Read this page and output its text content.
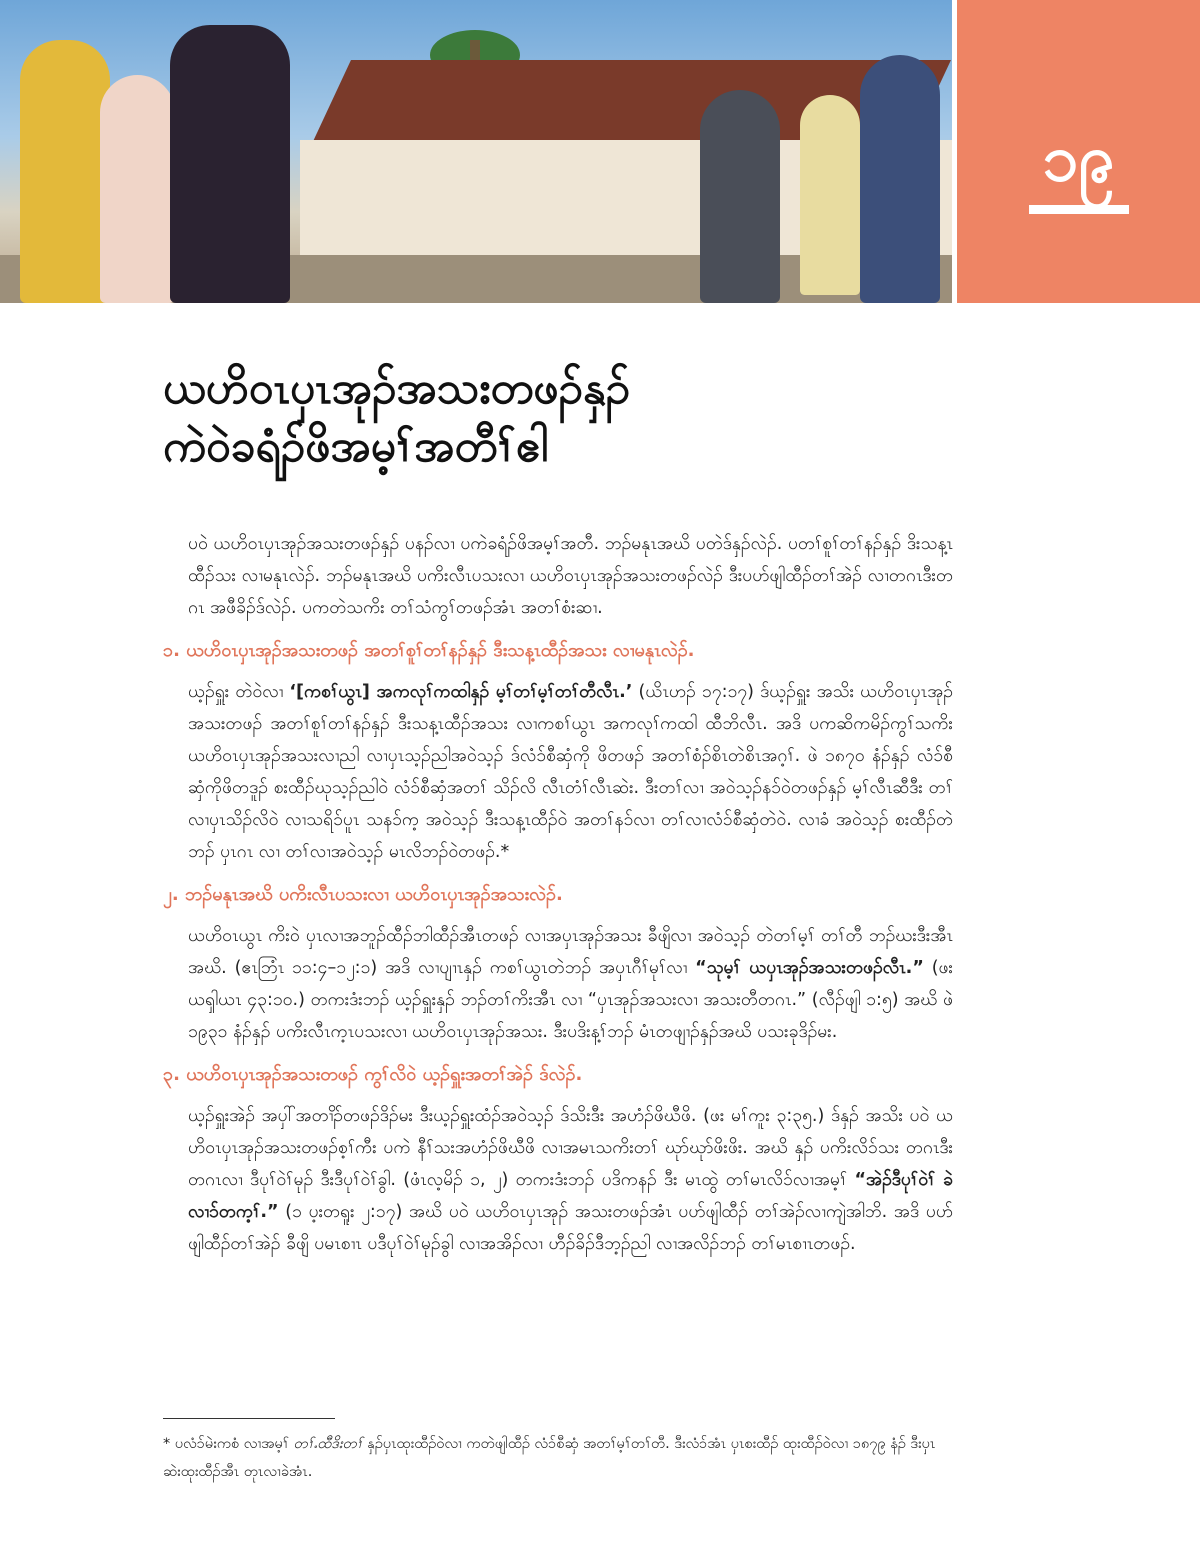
၁၉
ယဟိဝၤပှၤအုၣ်အသးတဖၣ်နှၣ်
ကဲဝဲခရံၣ်ဖိအမ့ၢ်အတီၢ်ဧါ

ပဝဲ ယဟိဝၤပှၤအုၣ်အသးတဖၣ်နှၣ် ပနၣ်လၢ ပကဲခရံၣ်ဖိအမ့ၢ်အတီ. ဘၣ်မနုၤအဃိ ပတဲဒ်နှၣ်လဲၣ်. ပတၢ်စူၢ်တၢ်နၣ်နှၣ် ဒိးသန့ၤထီၣ်သး လၢမနုၤလဲၣ်. ဘၣ်မနုၤအဃိ ပကိးလီၤပသးလၢ ယဟိဝၤပှၤအုၣ်အသးတဖၣ်လဲၣ် ဒီးပပာ်ဖျါထီၣ်တၢ်အဲၣ် လၢတဂၤဒီးတဂၤ အဖီခိၣ်ဒ်လဲၣ်. ပကတဲသကိး တၢ်သံကွၢ်တဖၣ်အံၤ အတၢ်စံးဆၢ.

၁. ယဟိဝၤပှၤအုၣ်အသးတဖၣ် အတၢ်စူၢ်တၢ်နၣ်နှၣ် ဒီးသန့ၤထီၣ်အသး လၢမနုၤလဲၣ်.

ယ့ၣ်ရှူး တဲဝဲလၢ ‘[ကစၢ်ယွၤ] အကလုၢ်ကထါနှၣ် မ့ၢ်တၢ်မ့ၢ်တၢ်တီလီၤ.’ (ယိၤဟၣ် ၁၇:၁၇) ဒ်ယ့ၣ်ရှူး အသိး ယဟိဝၤပှၤအုၣ်အသးတဖၣ် အတၢ်စူၢ်တၢ်နၣ်နှၣ် ဒီးသန့ၤထီၣ်အသး လၢကစၢ်ယွၤ အကလုၢ်ကထါ ထီဘိလီၤ. အဒိ ပကဆိကမိၣ်ကွၢ်သကိး ယဟိဝၤပှၤအုၣ်အသးလၢညါ လၢပှၤသ့ၣ်ညါအဝဲသ့ၣ် ဒ်လံၥ်စီဆှံကို ဖိတဖၣ် အတၢ်စံၣ်စိၤတဲစိၤအဂ့ၢ်. ဖဲ ၁၈၇၀ နံၣ်နှၣ် လံၥ်စီဆှံကိုဖိတဒူၣ် စးထီၣ်ဃုသ့ၣ်ညါဝဲ လံၥ်စီဆှံအတၢ် သိၣ်လိ လီၤတံၢ်လီၤဆဲး. ဒီးတၢ်လၢ အဝဲသ့ၣ်နၥ်ဝဲတဖၣ်နှၣ် မ့ၢ်လီၤဆီဒီး တၢ်လၢပှၤသိၣ်လိဝဲ လၢသရိၥ်ပူၤ သနၥ်က့ အဝဲသ့ၣ် ဒီးသန့ၤထီၣ်ဝဲ အတၢ်နၥ်လၢ တၢ်လၢလံၥ်စီဆှံတဲဝဲ. လၢခံ အဝဲသ့ၣ် စးထီၣ်တဲဘၣ် ပှၤဂၤ လၢ တၢ်လၢအဝဲသ့ၣ် မၤလိဘၣ်ဝဲတဖၣ်.*

၂. ဘၣ်မနုၤအဃိ ပကိးလီၤပသးလၢ ယဟိဝၤပှၤအုၣ်အသးလဲၣ်.

ယဟိဝၤယွၤ ကိးဝဲ ပှၤလၢအဘူၣ်ထီၣ်ဘါထီၣ်အီၤတဖၣ် လၢအပှၤအုၣ်အသး ခီဖျိလၢ အဝဲသ့ၣ် တဲတၢ်မ့ၢ် တၢ်တီ ဘၣ်ဃးဒီးအီၤအဃိ. (ဧၤဘြံၤ ၁၁:၄–၁၂:၁) အဒိ လၢပျၢၤနှၣ် ကစၢ်ယွၤတဲဘၣ် အပှၤဂီၢ်မုၢ်လၢ “သုမ့ၢ် ယပှၤအုၣ်အသးတဖၣ်လီၤ.” (ဖး ယၡါယၤ ၄၃:၁၀.) တကးဒံးဘၣ် ယ့ၣ်ရှူးနှၣ် ဘၣ်တၢ်ကိးအီၤ လၢ “ပှၤအုၣ်အသးလၢ အသးတီတဂၤ.” (လီၣ်ဖျါ ၁:၅) အဃိ ဖဲ ၁၉၃၁ နံၣ်နှၣ် ပကိးလီၤက့ၤပသးလၢ ယဟိဝၤပှၤအုၣ်အသး. ဒီးပဒိးန့ၢ်ဘၣ် မံၤတဖျၢၣ်နှၣ်အဃိ ပသးခုဒိၣ်မး.

၃. ယဟိဝၤပှၤအုၣ်အသးတဖၣ် ကွၢ်လိဝဲ ယ့ၣ်ရှူးအတၢ်အဲၣ် ဒ်လဲၣ်.

ယ့ၣ်ရှူးအဲၣ် အပှါ်အတၢိၣ်တဖၣ်ဒိၣ်မး ဒီးယ့ၣ်ရှူးထံၣ်အဝဲသ့ၣ် ဒ်သိးဒီး အဟံၣ်ဖိဃီဖိ. (ဖး မၢ်ကူး ၃:၃၅.) ဒ်နှၣ် အသိး ပဝဲ ယဟိဝၤပှၤအုၣ်အသးတဖၣ်စ့ၢ်ကီး ပကဲ နီၢ်သးအဟံၣ်ဖိဃီဖိ လၢအမၤသကိးတၢ် ဃုာ်ဃုာ်ဖိးဖိး. အဃိ နှၣ် ပကိးလိၥ်သး တဂၤဒီးတဂၤလၢ ဒီပုၢ်ဝဲၢ်မုၣ် ဒီးဒီပုၢ်ဝဲၢ်ခွါ. (ဖံၤလ့မိၣ် ၁, ၂) တကးဒံးဘၣ် ပဒိကနၣ် ဒီး မၤထွဲ တၢ်မၤလိၥ်လၢအမ့ၢ် “အဲၣ်ဒီပုၢ်ဝဲၢ် ခဲလၢၥ်တက့ၢ်.” (၁ ပ့းတရူး ၂:၁၇) အဃိ ပဝဲ ယဟိဝၤပှၤအုၣ် အသးတဖၣ်အံၤ ပပာ်ဖျါထီၣ် တၢ်အဲၣ်လၢကျဲအါဘိ. အဒိ ပပာ်ဖျါထီၣ်တၢ်အဲၣ် ခီဖျိ ပမၤစၢၤ ပဒီပုၢ်ဝဲၢ်မုၣ်ခွါ လၢအအိၣ်လၢ ဟီၣ်ခိၣ်ဒီဘ့ၣ်ညါ လၢအလိၣ်ဘၣ် တၢ်မၤစၢၤတဖၣ်.

* ပလံၥ်မဲးကစံ လၢအမ့ၢ် တၢ်ႉထီဒိးတၢ် နှၣ်ပှၤထုးထီၣ်ဝဲလၢ ကတဲဖျါထီၣ် လံၥ်စီဆှံ အတၢ်မ့ၢ်တၢ်တီ. ဒီးလံၥ်အံၤ ပှၤစးထီၣ် ထုးထီၣ်ဝဲလၢ ၁၈၇၉ နံၣ် ဒီးပှၤဆဲးထုးထီၣ်အီၤ တုၤလၢခဲအံၤ.
